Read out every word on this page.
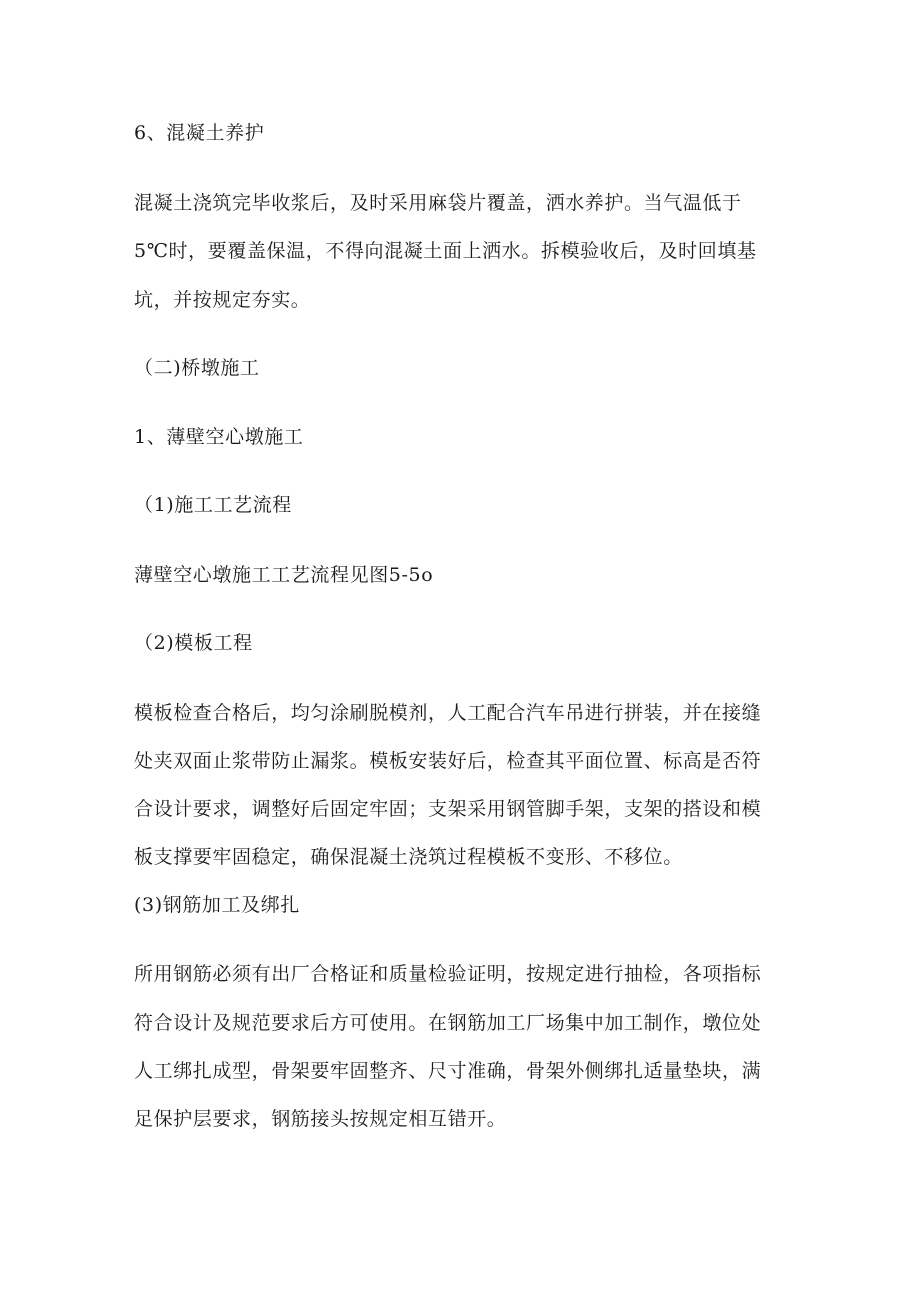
6、混凝土养护

混凝土浇筑完毕收浆后，及时采用麻袋片覆盖，洒水养护。当气温低于

5℃时，要覆盖保温，不得向混凝土面上洒水。拆模验收后，及时回填基

坑，并按规定夯实。

（二)桥墩施工

1、薄壁空心墩施工

（1)施工工艺流程

薄壁空心墩施工工艺流程见图5-5o

（2)模板工程

模板检查合格后，均匀涂刷脱模剂，人工配合汽车吊进行拼装，并在接缝

处夹双面止浆带防止漏浆。模板安装好后，检查其平面位置、标高是否符

合设计要求，调整好后固定牢固；支架采用钢管脚手架，支架的搭设和模

板支撑要牢固稳定，确保混凝土浇筑过程模板不变形、不移位。

(3)钢筋加工及绑扎

所用钢筋必须有出厂合格证和质量检验证明，按规定进行抽检，各项指标

符合设计及规范要求后方可使用。在钢筋加工厂场集中加工制作，墩位处

人工绑扎成型，骨架要牢固整齐、尺寸准确，骨架外侧绑扎适量垫块，满

足保护层要求，钢筋接头按规定相互错开。
